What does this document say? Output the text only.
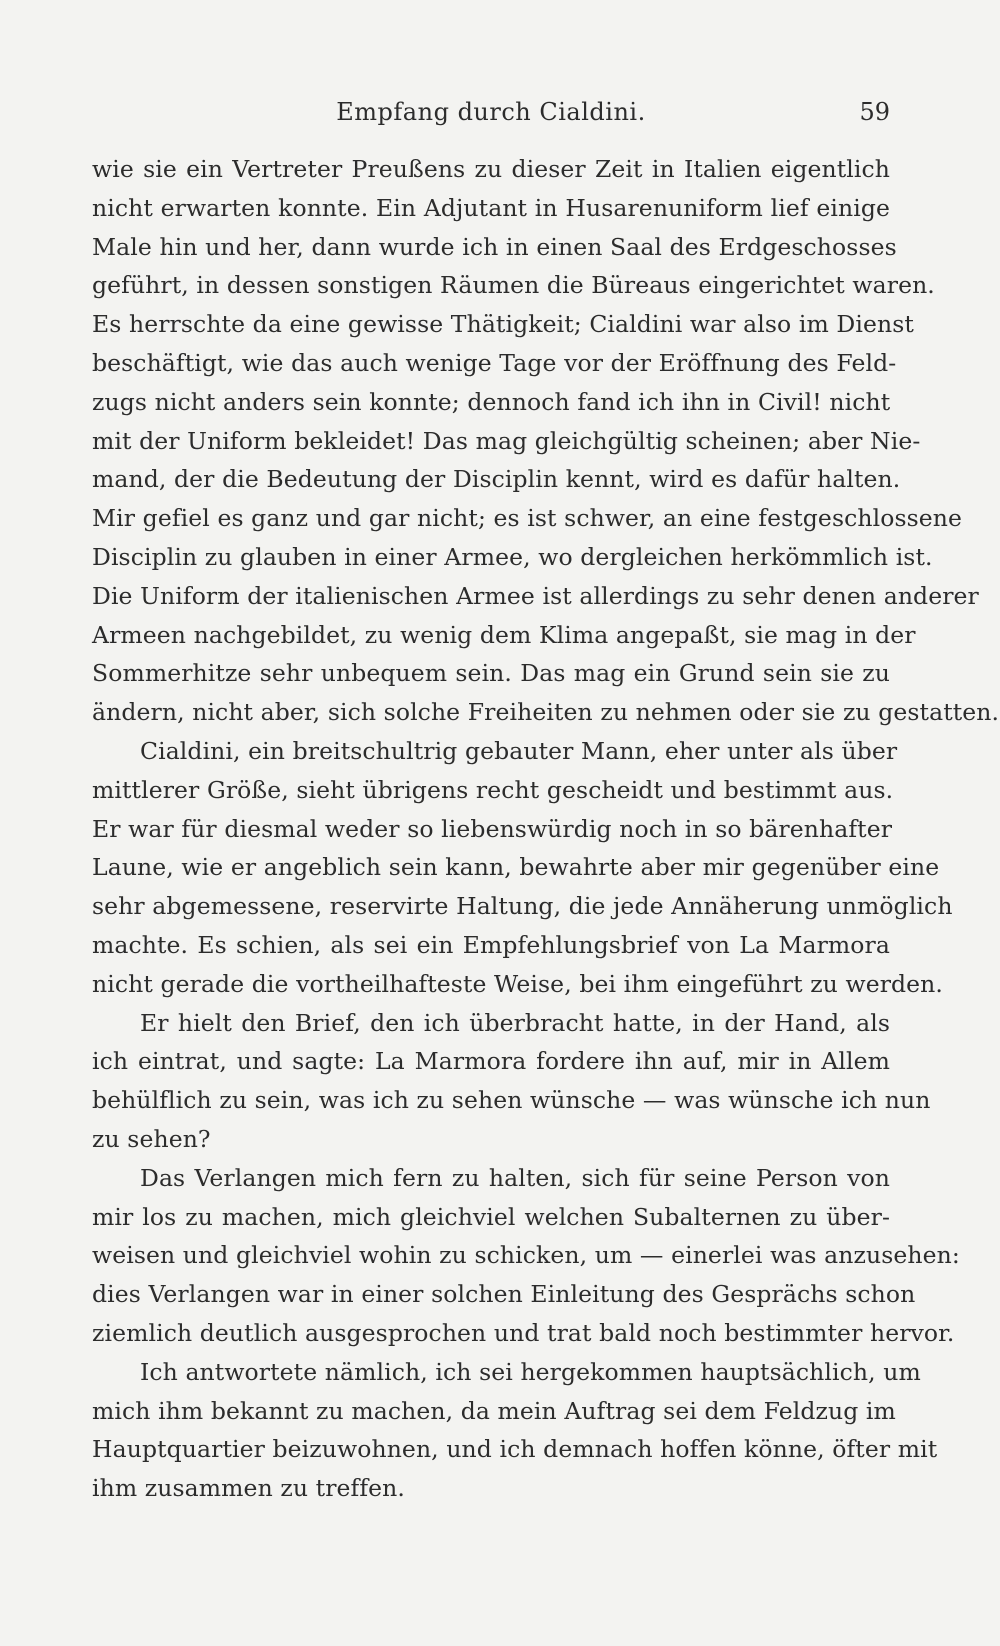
Empfang durch Cialdini.	59
wie sie ein Vertreter Preußens zu dieser Zeit in Italien eigentlich
nicht erwarten konnte. Ein Adjutant in Husarenuniform lief einige
Male hin und her, dann wurde ich in einen Saal des Erdgeschosses
geführt, in dessen sonstigen Räumen die Büreaus eingerichtet waren.
Es herrschte da eine gewisse Thätigkeit; Cialdini war also im Dienst
beschäftigt, wie das auch wenige Tage vor der Eröffnung des Feld-
zugs nicht anders sein konnte; dennoch fand ich ihn in Civil! nicht
mit der Uniform bekleidet! Das mag gleichgültig scheinen; aber Nie-
mand, der die Bedeutung der Disciplin kennt, wird es dafür halten.
Mir gefiel es ganz und gar nicht; es ist schwer, an eine festgeschlossene
Disciplin zu glauben in einer Armee, wo dergleichen herkömmlich ist.
Die Uniform der italienischen Armee ist allerdings zu sehr denen anderer
Armeen nachgebildet, zu wenig dem Klima angepaßt, sie mag in der
Sommerhitze sehr unbequem sein. Das mag ein Grund sein sie zu
ändern, nicht aber, sich solche Freiheiten zu nehmen oder sie zu gestatten.
Cialdini, ein breitschultrig gebauter Mann, eher unter als über
mittlerer Größe, sieht übrigens recht gescheidt und bestimmt aus.
Er war für diesmal weder so liebenswürdig noch in so bärenhafter
Laune, wie er angeblich sein kann, bewahrte aber mir gegenüber eine
sehr abgemessene, reservirte Haltung, die jede Annäherung unmöglich
machte. Es schien, als sei ein Empfehlungsbrief von La Marmora
nicht gerade die vortheilhafteste Weise, bei ihm eingeführt zu werden.
Er hielt den Brief, den ich überbracht hatte, in der Hand, als
ich eintrat, und sagte: La Marmora fordere ihn auf, mir in Allem
behülflich zu sein, was ich zu sehen wünsche — was wünsche ich nun
zu sehen?
Das Verlangen mich fern zu halten, sich für seine Person von
mir los zu machen, mich gleichviel welchen Subalternen zu über-
weisen und gleichviel wohin zu schicken, um — einerlei was anzusehen:
dies Verlangen war in einer solchen Einleitung des Gesprächs schon
ziemlich deutlich ausgesprochen und trat bald noch bestimmter hervor.
Ich antwortete nämlich, ich sei hergekommen hauptsächlich, um
mich ihm bekannt zu machen, da mein Auftrag sei dem Feldzug im
Hauptquartier beizuwohnen, und ich demnach hoffen könne, öfter mit
ihm zusammen zu treffen.
